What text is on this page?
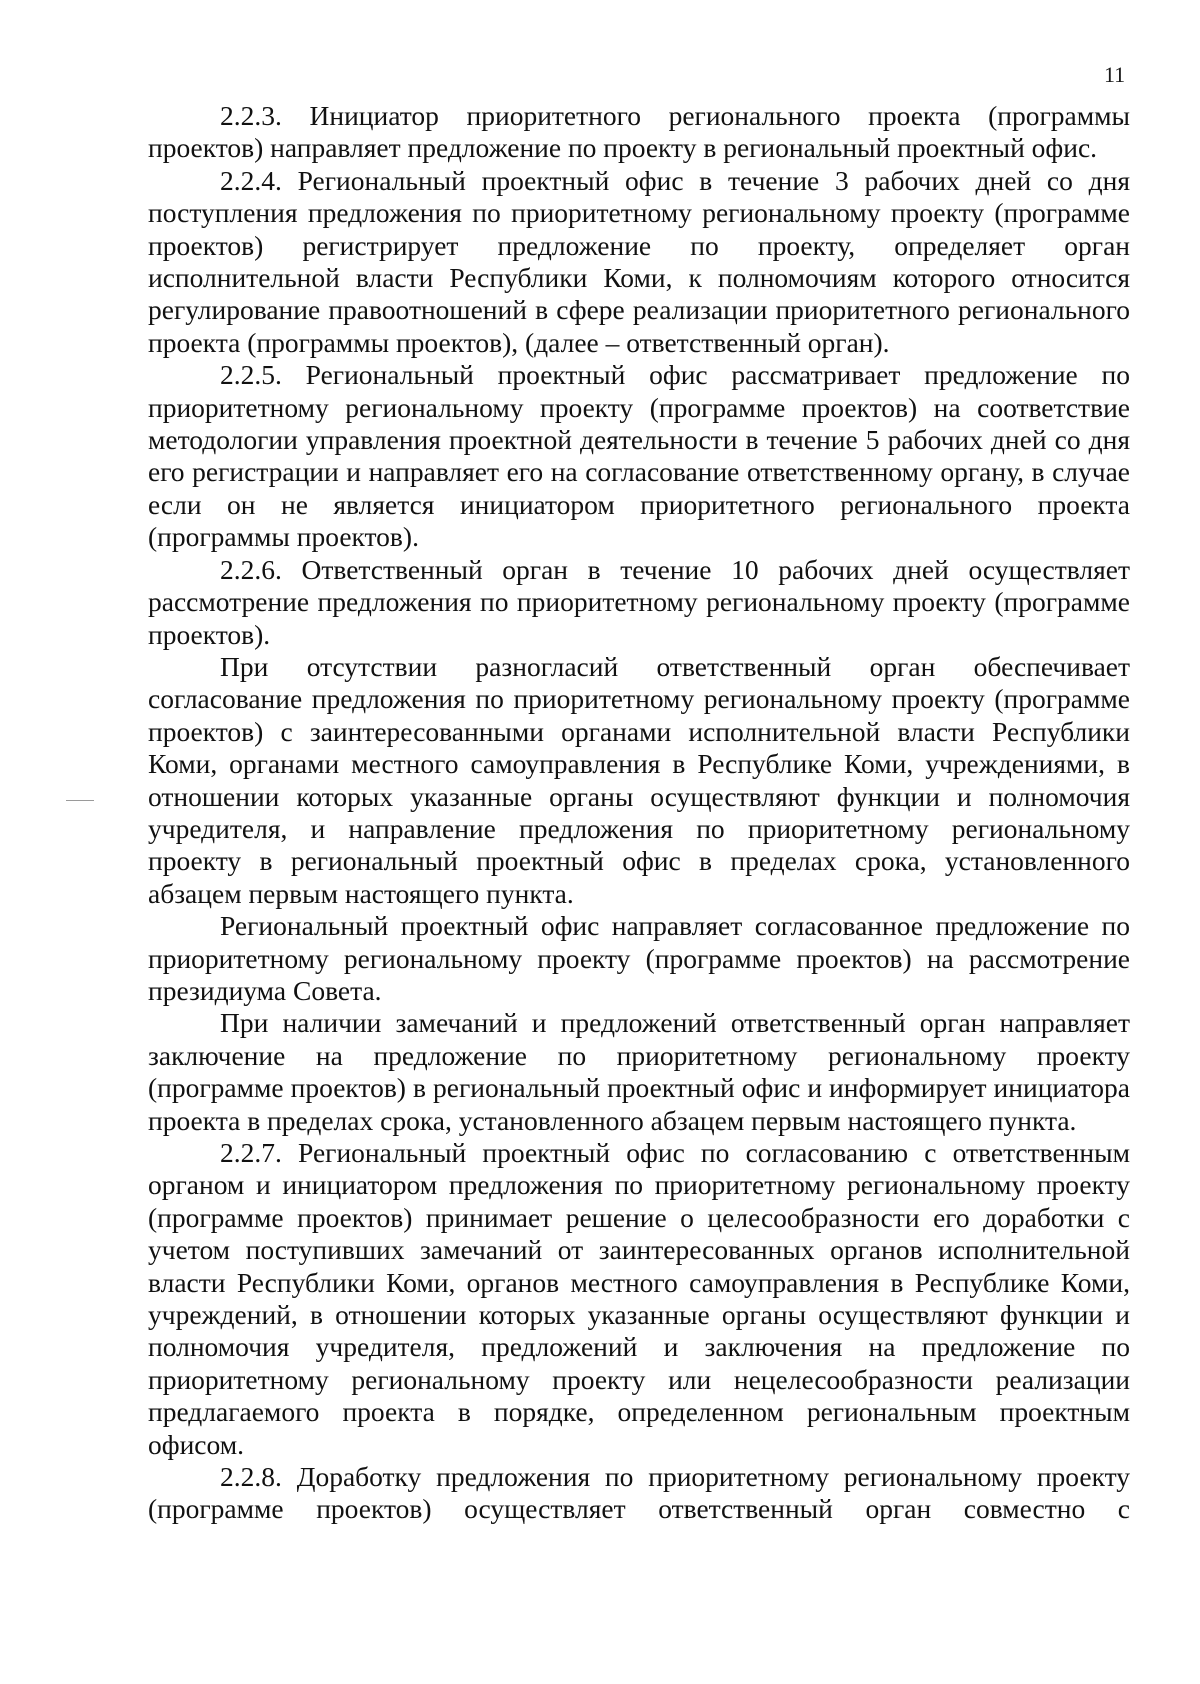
11

2.2.3. Инициатор приоритетного регионального проекта (программы проектов) направляет предложение по проекту в региональный проектный офис.

2.2.4. Региональный проектный офис в течение 3 рабочих дней со дня поступления предложения по приоритетному региональному проекту (программе проектов) регистрирует предложение по проекту, определяет орган исполнительной власти Республики Коми, к полномочиям которого относится регулирование правоотношений в сфере реализации приоритетного регионального проекта (программы проектов), (далее – ответственный орган).

2.2.5. Региональный проектный офис рассматривает предложение по приоритетному региональному проекту (программе проектов) на соответствие методологии управления проектной деятельности в течение 5 рабочих дней со дня его регистрации и направляет его на согласование ответственному органу, в случае если он не является инициатором приоритетного регионального проекта (программы проектов).

2.2.6. Ответственный орган в течение 10 рабочих дней осуществляет рассмотрение предложения по приоритетному региональному проекту (программе проектов).

При отсутствии разногласий ответственный орган обеспечивает согласование предложения по приоритетному региональному проекту (программе проектов) с заинтересованными органами исполнительной власти Республики Коми, органами местного самоуправления в Республике Коми, учреждениями, в отношении которых указанные органы осуществляют функции и полномочия учредителя, и направление предложения по приоритетному региональному проекту в региональный проектный офис в пределах срока, установленного абзацем первым настоящего пункта.

Региональный проектный офис направляет согласованное предложение по приоритетному региональному проекту (программе проектов) на рассмотрение президиума Совета.

При наличии замечаний и предложений ответственный орган направляет заключение на предложение по приоритетному региональному проекту (программе проектов) в региональный проектный офис и информирует инициатора проекта в пределах срока, установленного абзацем первым настоящего пункта.

2.2.7. Региональный проектный офис по согласованию с ответственным органом и инициатором предложения по приоритетному региональному проекту (программе проектов) принимает решение о целесообразности его доработки с учетом поступивших замечаний от заинтересованных органов исполнительной власти Республики Коми, органов местного самоуправления в Республике Коми, учреждений, в отношении которых указанные органы осуществляют функции и полномочия учредителя, предложений и заключения на предложение по приоритетному региональному проекту или нецелесообразности реализации предлагаемого проекта в порядке, определенном региональным проектным офисом.

2.2.8. Доработку предложения по приоритетному региональному проекту (программе проектов) осуществляет ответственный орган совместно с
